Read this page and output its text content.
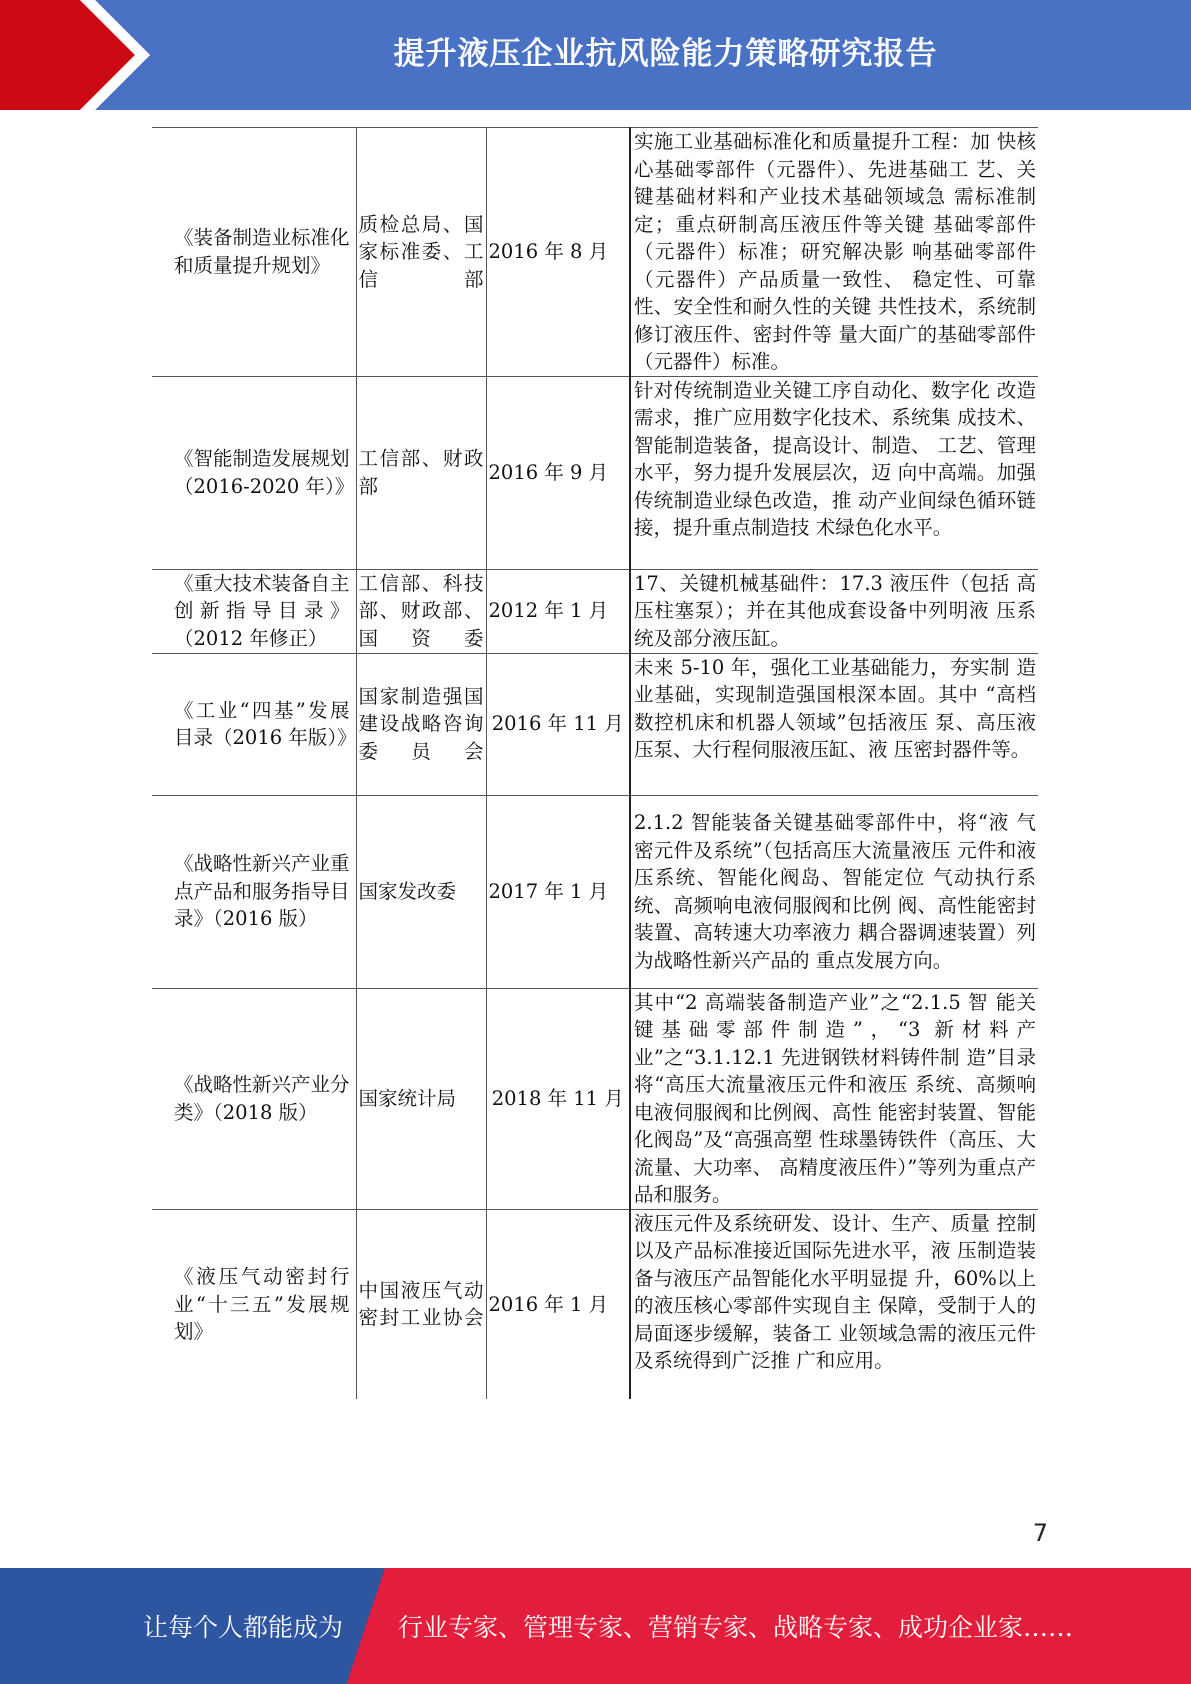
提升液压企业抗风险能力策略研究报告
《装备制造业标准化和质量提升规划》	质检总局、国家标准委、工信部	2016 年 8 月	实施工业基础标准化和质量提升工程：加 快核心基础零部件（元器件）、先进基础工 艺、关键基础材料和产业技术基础领域急 需标准制定；重点研制高压液压件等关键 基础零部件（元器件）标准；研究解决影 响基础零部件（元器件）产品质量一致性、 稳定性、可靠性、安全性和耐久性的关键 共性技术，系统制修订液压件、密封件等 量大面广的基础零部件（元器件）标准。
《智能制造发展规划（2016-2020 年）》	工信部、财政部	2016 年 9 月	针对传统制造业关键工序自动化、数字化 改造需求，推广应用数字化技术、系统集 成技术、智能制造装备，提高设计、制造、 工艺、管理水平，努力提升发展层次，迈 向中高端。加强传统制造业绿色改造，推 动产业间绿色循环链接，提升重点制造技 术绿色化水平。
《重大技术装备自主创新指导目录》（2012 年修正）	工信部、科技部、财政部、国资委	2012 年 1 月	17、关键机械基础件：17.3 液压件（包括 高压柱塞泵）；并在其他成套设备中列明液 压系统及部分液压缸。
《工业“四基”发展目录（2016 年版）》	国家制造强国建设战略咨询委员会	2016 年 11 月	未来 5-10 年，强化工业基础能力，夯实制 造业基础，实现制造强国根深本固。其中 “高档数控机床和机器人领域”包括液压 泵、高压液压泵、大行程伺服液压缸、液 压密封器件等。
《战略性新兴产业重点产品和服务指导目录》（2016 版）	国家发改委	2017 年 1 月	2.1.2 智能装备关键基础零部件中，将“液 气密元件及系统”（包括高压大流量液压 元件和液压系统、智能化阀岛、智能定位 气动执行系统、高频响电液伺服阀和比例 阀、高性能密封装置、高转速大功率液力 耦合器调速装置）列为战略性新兴产品的 重点发展方向。
《战略性新兴产业分类》（2018 版）	国家统计局	2018 年 11 月	其中“2 高端装备制造产业”之“2.1.5 智 能关键基础零部件制造”，“3 新材料产 业”之“3.1.12.1 先进钢铁材料铸件制 造”目录将“高压大流量液压元件和液压 系统、高频响电液伺服阀和比例阀、高性 能密封装置、智能化阀岛”及“高强高塑 性球墨铸铁件（高压、大流量、大功率、 高精度液压件）”等列为重点产品和服务。
《液压气动密封行业“十三五”发展规划》	中国液压气动密封工业协会	2016 年 1 月	液压元件及系统研发、设计、生产、质量 控制以及产品标准接近国际先进水平，液 压制造装备与液压产品智能化水平明显提 升，60%以上的液压核心零部件实现自主 保障，受制于人的局面逐步缓解，装备工 业领域急需的液压元件及系统得到广泛推 广和应用。
7
让每个人都能成为 行业专家、管理专家、营销专家、战略专家、成功企业家……
